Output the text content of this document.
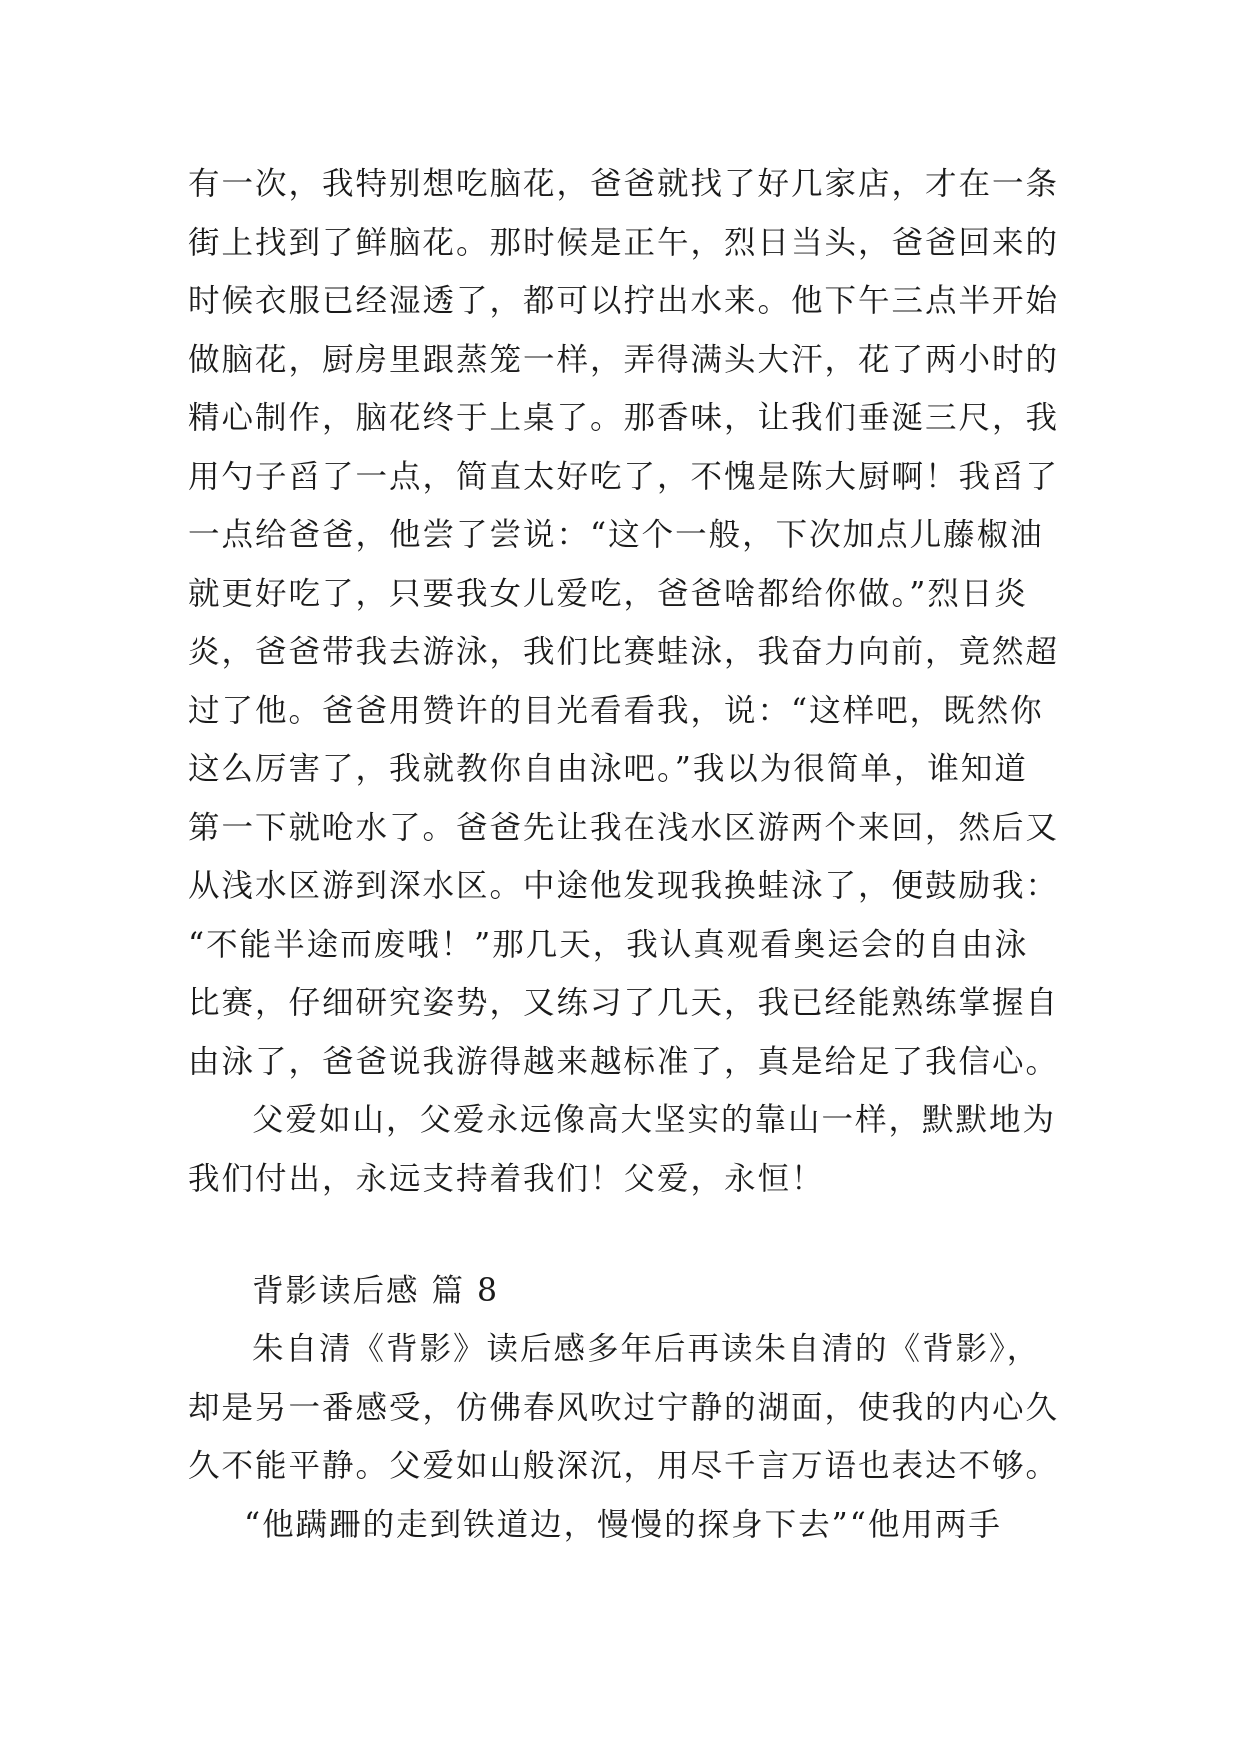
有一次，我特别想吃脑花，爸爸就找了好几家店，才在一条
街上找到了鲜脑花。那时候是正午，烈日当头，爸爸回来的
时候衣服已经湿透了，都可以拧出水来。他下午三点半开始
做脑花，厨房里跟蒸笼一样，弄得满头大汗，花了两小时的
精心制作，脑花终于上桌了。那香味，让我们垂涎三尺，我
用勺子舀了一点，简直太好吃了，不愧是陈大厨啊！我舀了
一点给爸爸，他尝了尝说：“这个一般，下次加点儿藤椒油
就更好吃了，只要我女儿爱吃，爸爸啥都给你做。”烈日炎
炎，爸爸带我去游泳，我们比赛蛙泳，我奋力向前，竟然超
过了他。爸爸用赞许的目光看看我，说：“这样吧，既然你
这么厉害了，我就教你自由泳吧。”我以为很简单，谁知道
第一下就呛水了。爸爸先让我在浅水区游两个来回，然后又
从浅水区游到深水区。中途他发现我换蛙泳了，便鼓励我：
“不能半途而废哦！”那几天，我认真观看奥运会的自由泳
比赛，仔细研究姿势，又练习了几天，我已经能熟练掌握自
由泳了，爸爸说我游得越来越标准了，真是给足了我信心。
父爱如山，父爱永远像高大坚实的靠山一样，默默地为
我们付出，永远支持着我们！父爱，永恒！
背影读后感 篇 8
朱自清《背影》读后感多年后再读朱自清的《背影》，
却是另一番感受，仿佛春风吹过宁静的湖面，使我的内心久
久不能平静。父爱如山般深沉，用尽千言万语也表达不够。
“他蹒跚的走到铁道边，慢慢的探身下去”“他用两手
